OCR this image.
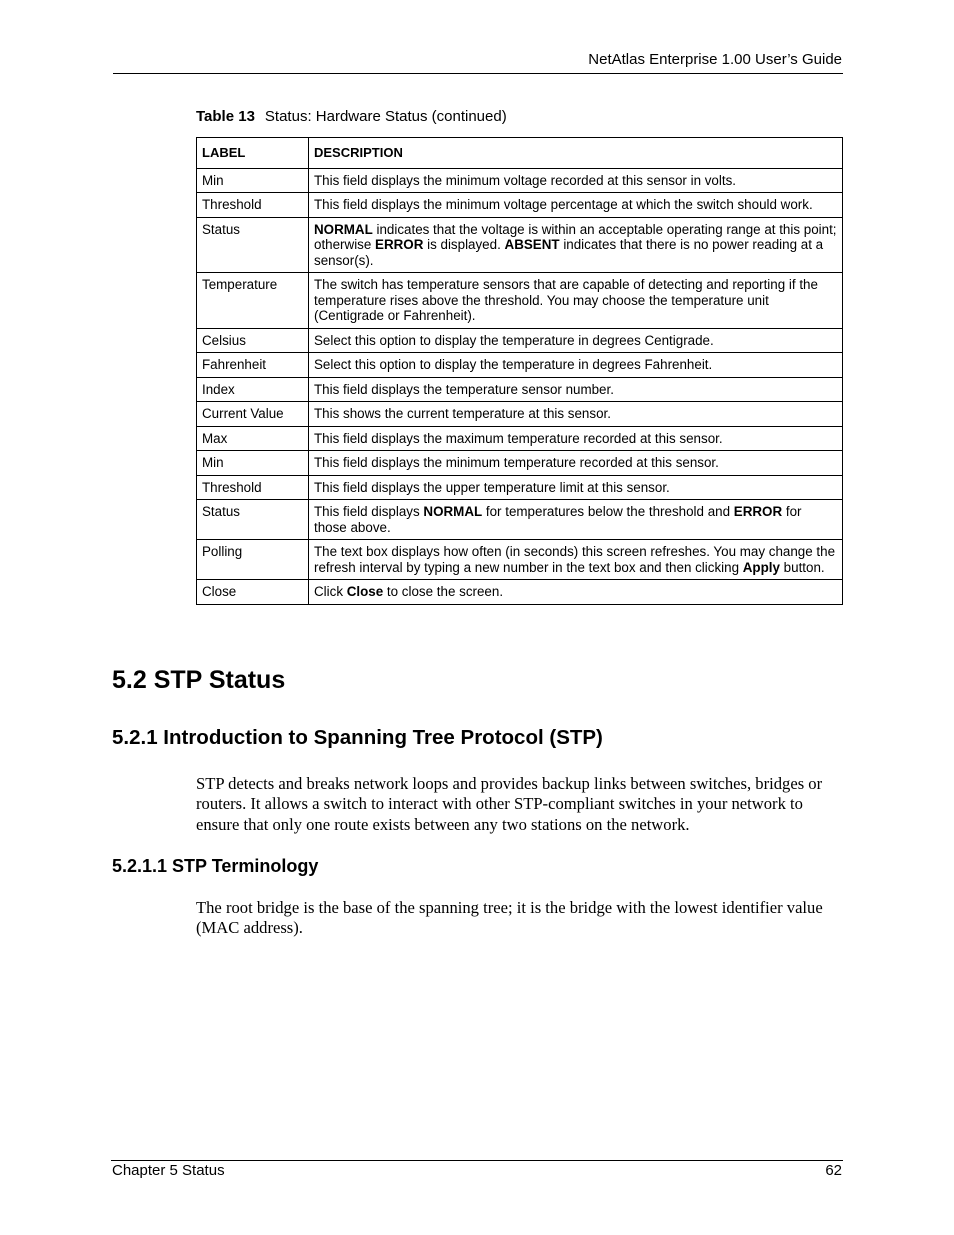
NetAtlas Enterprise 1.00 User’s Guide
Table 13 Status: Hardware Status (continued)
LABEL	DESCRIPTION
Min	This field displays the minimum voltage recorded at this sensor in volts.
Threshold	This field displays the minimum voltage percentage at which the switch should work.
Status	NORMAL indicates that the voltage is within an acceptable operating range at this point; otherwise ERROR is displayed. ABSENT indicates that there is no power reading at a sensor(s).
Temperature	The switch has temperature sensors that are capable of detecting and reporting if the temperature rises above the threshold. You may choose the temperature unit (Centigrade or Fahrenheit).
Celsius	Select this option to display the temperature in degrees Centigrade.
Fahrenheit	Select this option to display the temperature in degrees Fahrenheit.
Index	This field displays the temperature sensor number.
Current Value	This shows the current temperature at this sensor.
Max	This field displays the maximum temperature recorded at this sensor.
Min	This field displays the minimum temperature recorded at this sensor.
Threshold	This field displays the upper temperature limit at this sensor.
Status	This field displays NORMAL for temperatures below the threshold and ERROR for those above.
Polling	The text box displays how often (in seconds) this screen refreshes. You may change the refresh interval by typing a new number in the text box and then clicking Apply button.
Close	Click Close to close the screen.
5.2 STP Status
5.2.1 Introduction to Spanning Tree Protocol (STP)
STP detects and breaks network loops and provides backup links between switches, bridges or routers. It allows a switch to interact with other STP-compliant switches in your network to ensure that only one route exists between any two stations on the network.
5.2.1.1 STP Terminology
The root bridge is the base of the spanning tree; it is the bridge with the lowest identifier value (MAC address).
Chapter 5 Status	62
